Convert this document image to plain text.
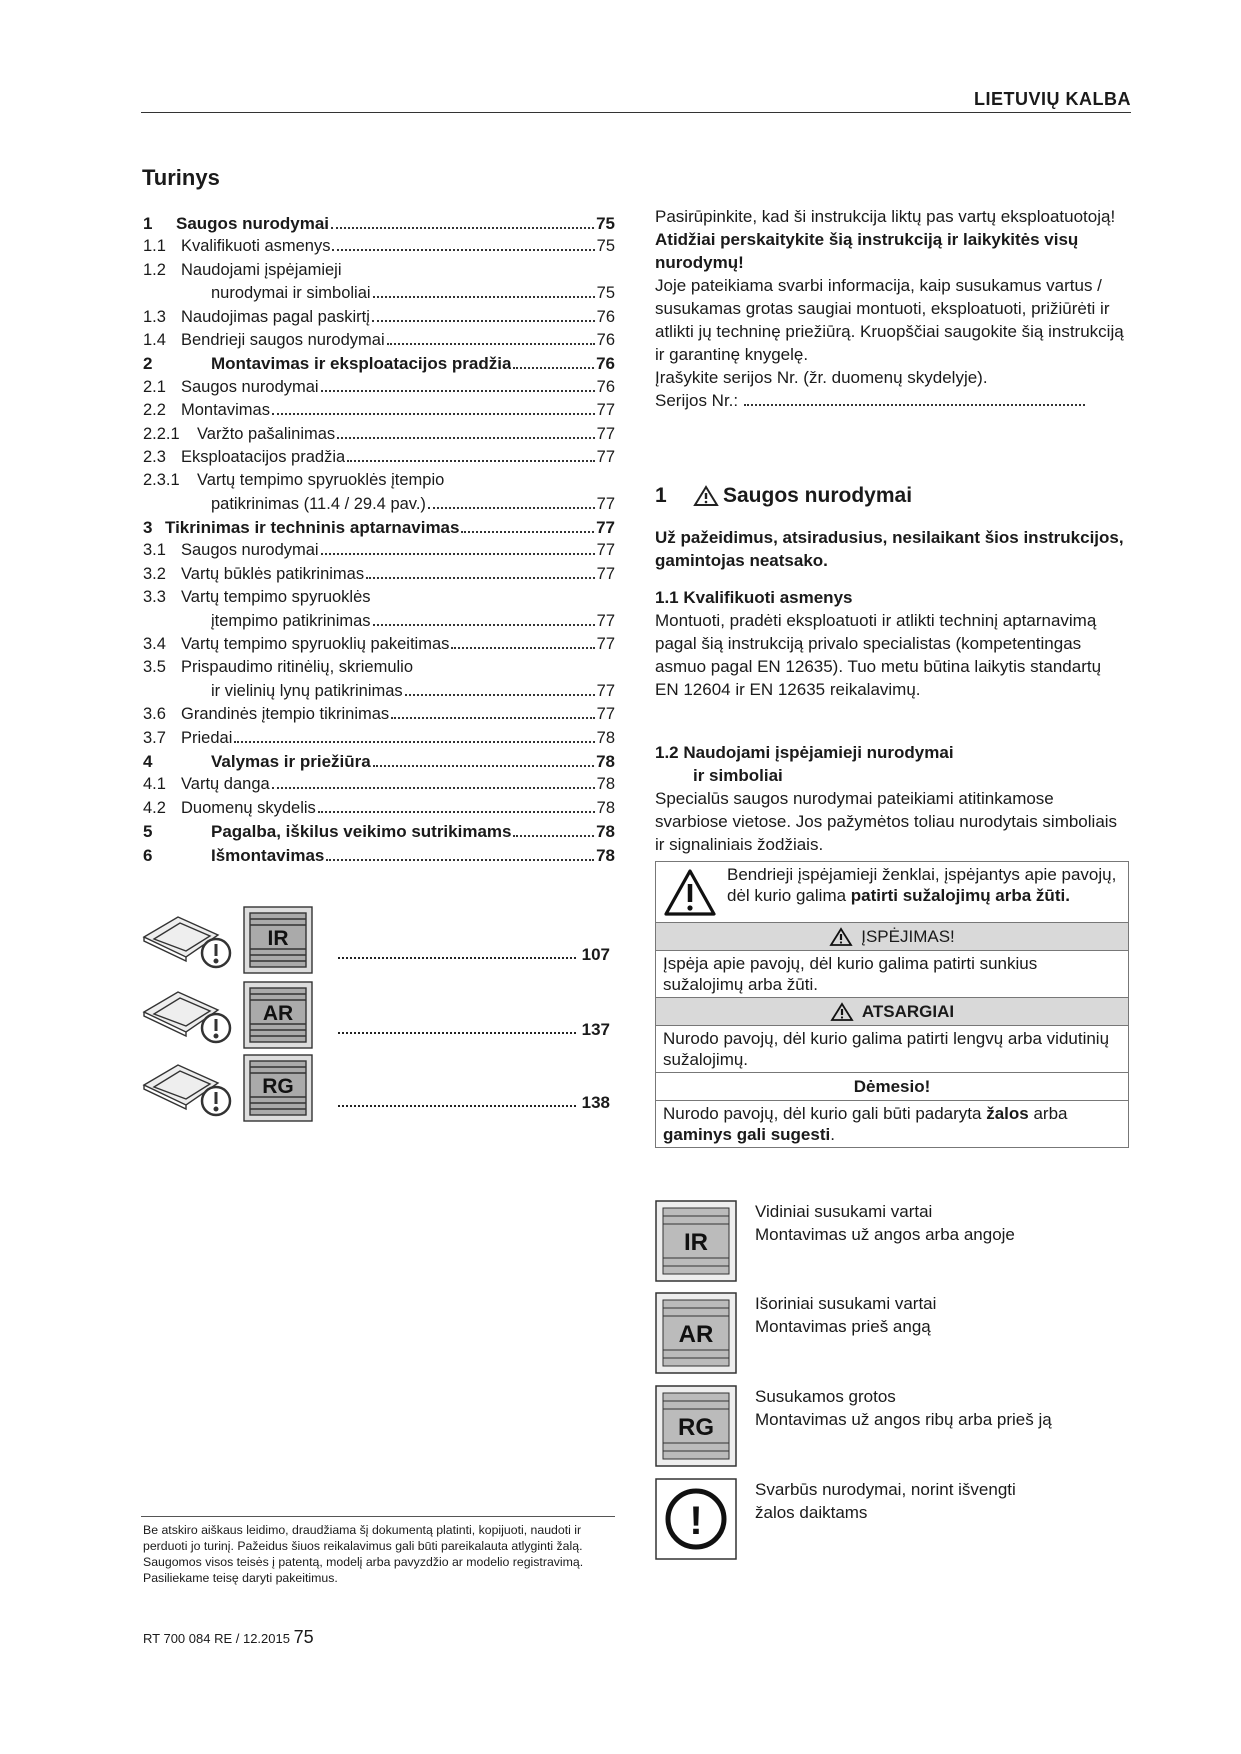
LIETUVIŲ KALBA
Turinys
1	Saugos nurodymai	75
1.1 Kvalifikuoti asmenys	75
1.2 Naudojami įspėjamieji
nurodymai ir simboliai	75
1.3 Naudojimas pagal paskirtį	76
1.4 Bendrieji saugos nurodymai	76
2	Montavimas ir eksploatacijos pradžia	76
2.1 Saugos nurodymai	76
2.2 Montavimas	77
2.2.1	Varžto pašalinimas	77
2.3 Eksploatacijos pradžia	77
2.3.1	Vartų tempimo spyruoklės įtempio
patikrinimas (11.4 / 29.4 pav.)	77
3 Tikrinimas ir techninis aptarnavimas	77
3.1 Saugos nurodymai	77
3.2 Vartų būklės patikrinimas	77
3.3 Vartų tempimo spyruoklės
įtempimo patikrinimas	77
3.4 Vartų tempimo spyruoklių pakeitimas	77
3.5 Prispaudimo ritinėlių, skriemulio
ir vielinių lynų patikrinimas	77
3.6 Grandinės įtempio tikrinimas	77
3.7 Priedai	78
4	Valymas ir priežiūra	78
4.1 Vartų danga	78
4.2 Duomenų skydelis	78
5	Pagalba, iškilus veikimo sutrikimams	78
6	Išmontavimas	78
IR
107
AR
137
RG
138
Be atskiro aiškaus leidimo, draudžiama šį dokumentą platinti, kopijuoti, naudoti ir perduoti jo turinį. Pažeidus šiuos reikalavimus gali būti pareikalauta atlyginti žalą. Saugomos visos teisės į patentą, modelį arba pavyzdžio ar modelio registravimą. Pasiliekame teisę daryti pakeitimus.
RT 700 084 RE / 12.2015 75

Pasirūpinkite, kad ši instrukcija liktų pas vartų eksploatuotoją!

Atidžiai perskaitykite šią instrukciją ir laikykitės visų nurodymų!

Joje pateikiama svarbi informacija, kaip susukamus vartus / susukamas grotas saugiai montuoti, eksploatuoti, prižiūrėti ir atlikti jų techninę priežiūrą. Kruopščiai saugokite šią instrukciją ir garantinę knygelę.

Įrašykite serijos Nr. (žr. duomenų skydelyje).

Serijos Nr.:

1	Saugos nurodymai
Už pažeidimus, atsiradusius, nesilaikant šios instrukcijos, gamintojas neatsako.
1.1 Kvalifikuoti asmenys
Montuoti, pradėti eksploatuoti ir atlikti techninį aptarnavimą pagal šią instrukciją privalo specialistas (kompetentingas asmuo pagal EN 12635). Tuo metu būtina laikytis standartų EN 12604 ir EN 12635 reikalavimų.
1.2 Naudojami įspėjamieji nurodymai
ir simboliai
Specialūs saugos nurodymai pateikiami atitinkamose svarbiose vietose. Jos pažymėtos toliau nurodytais simboliais ir signaliniais žodžiais.
Bendrieji įspėjamieji ženklai, įspėjantys apie pavojų, dėl kurio galima patirti sužalojimų arba žūti.
ĮSPĖJIMAS!
Įspėja apie pavojų, dėl kurio galima patirti sunkius sužalojimų arba žūti.
ATSARGIAI
Nurodo pavojų, dėl kurio galima patirti lengvų arba vidutinių sužalojimų.
Dėmesio!
Nurodo pavojų, dėl kurio gali būti padaryta žalos arba gaminys gali sugesti.
IR
Vidiniai susukami vartai
Montavimas už angos arba angoje
AR
Išoriniai susukami vartai
Montavimas prieš angą
RG
Susukamos grotos
Montavimas už angos ribų arba prieš ją
!
Svarbūs nurodymai, norint išvengti
žalos daiktams
